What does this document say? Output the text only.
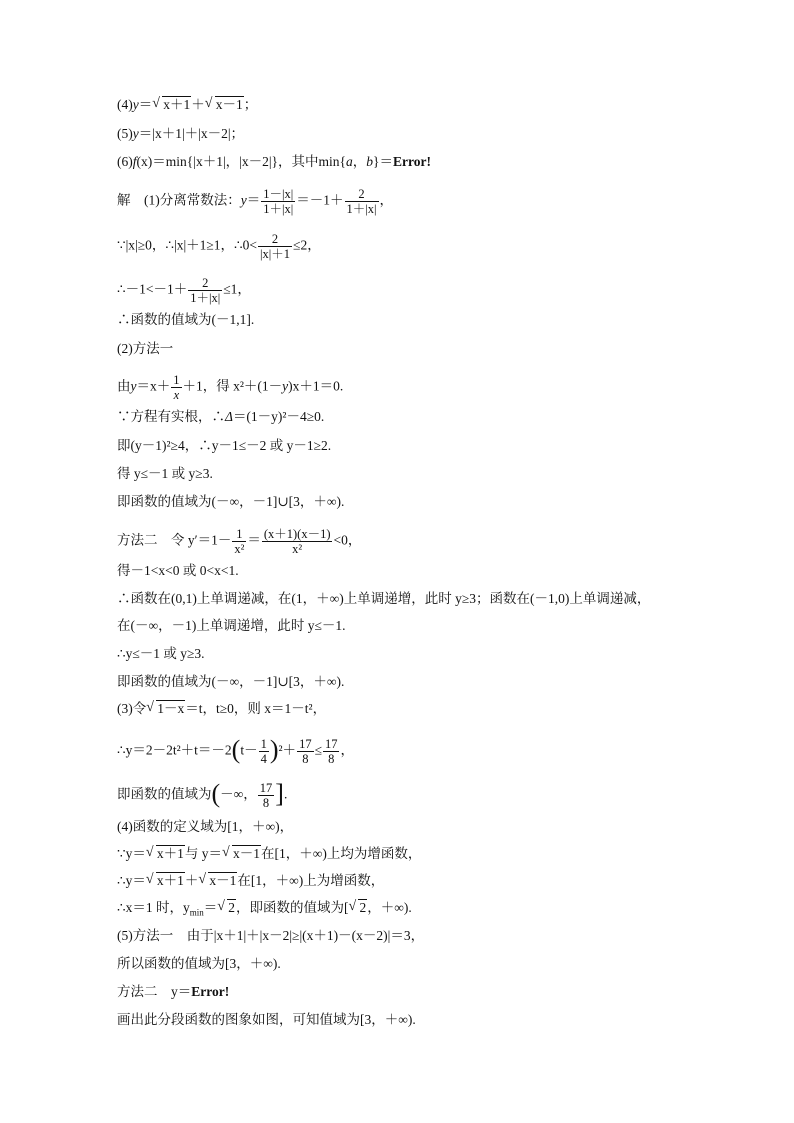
(4)y＝√ x＋1＋√ x－1；
(5)y＝|x＋1|＋|x－2|；
(6)f(x)＝min{|x＋1|，|x－2|}，其中min{a，b}＝Error!
解　(1)分离常数法：$y= \frac{1-|x|}{1+|x|} =-1+ \frac{2}{1+|x|}$ ，
∵|x|≥0，∴|x|＋1≥1，∴0< $\frac{2}{|x|+1} \le 2$，
∴－1<－1＋ $\frac{2}{1+|x|} \le 1$，
∴函数的值域为(－1,1].
(2)方法一
由$y=x+ \frac{1}{x} +1$，得 x²＋(1－y)x＋1＝0.
∵方程有实根，∴Δ＝(1－y)²－4≥0.
即(y－1)²≥4，∴y－1≤－2 或 y－1≥2.
得 y≤－1 或 y≥3.
即函数的值域为(－∞，－1]∪[3，＋∞).
方法二　令 $y'=1- \frac{1}{\text{x²}} = \frac{(x+1)(x-1)}{\text{x²}} <0$，
得－1<x<0 或 0<x<1.
∴函数在(0,1)上单调递减，在(1，＋∞)上单调递增，此时 y≥3；函数在(－1,0)上单调递减，
在(－∞，－1)上单调递增，此时 y≤－1.
∴y≤－1 或 y≥3.
即函数的值域为(－∞，－1]∪[3，＋∞).
(3)令√ 1－x＝t，t≥0，则 x＝1－t²，
∴y＝2－2t²＋t＝－2(t－ $\frac{1}{4} )^2+ \frac{17}{8} \le \frac{17}{8}$ ，
即函数的值域为(－∞， $\frac{17}{8}$ ].
(4)函数的定义域为[1，＋∞)，
∵y＝√ x＋1与 y＝√ x－1在[1，＋∞)上均为增函数，
∴y＝√ x＋1＋√ x－1在[1，＋∞)上为增函数，
∴x＝1 时，$y_{min}=√$ 2，即函数的值域为[√ 2，＋∞).
(5)方法一　由于|x＋1|＋|x－2|≥|(x＋1)－(x－2)|＝3，
所以函数的值域为[3，＋∞).
方法二　y＝Error!
画出此分段函数的图象如图，可知值域为[3，＋∞).
